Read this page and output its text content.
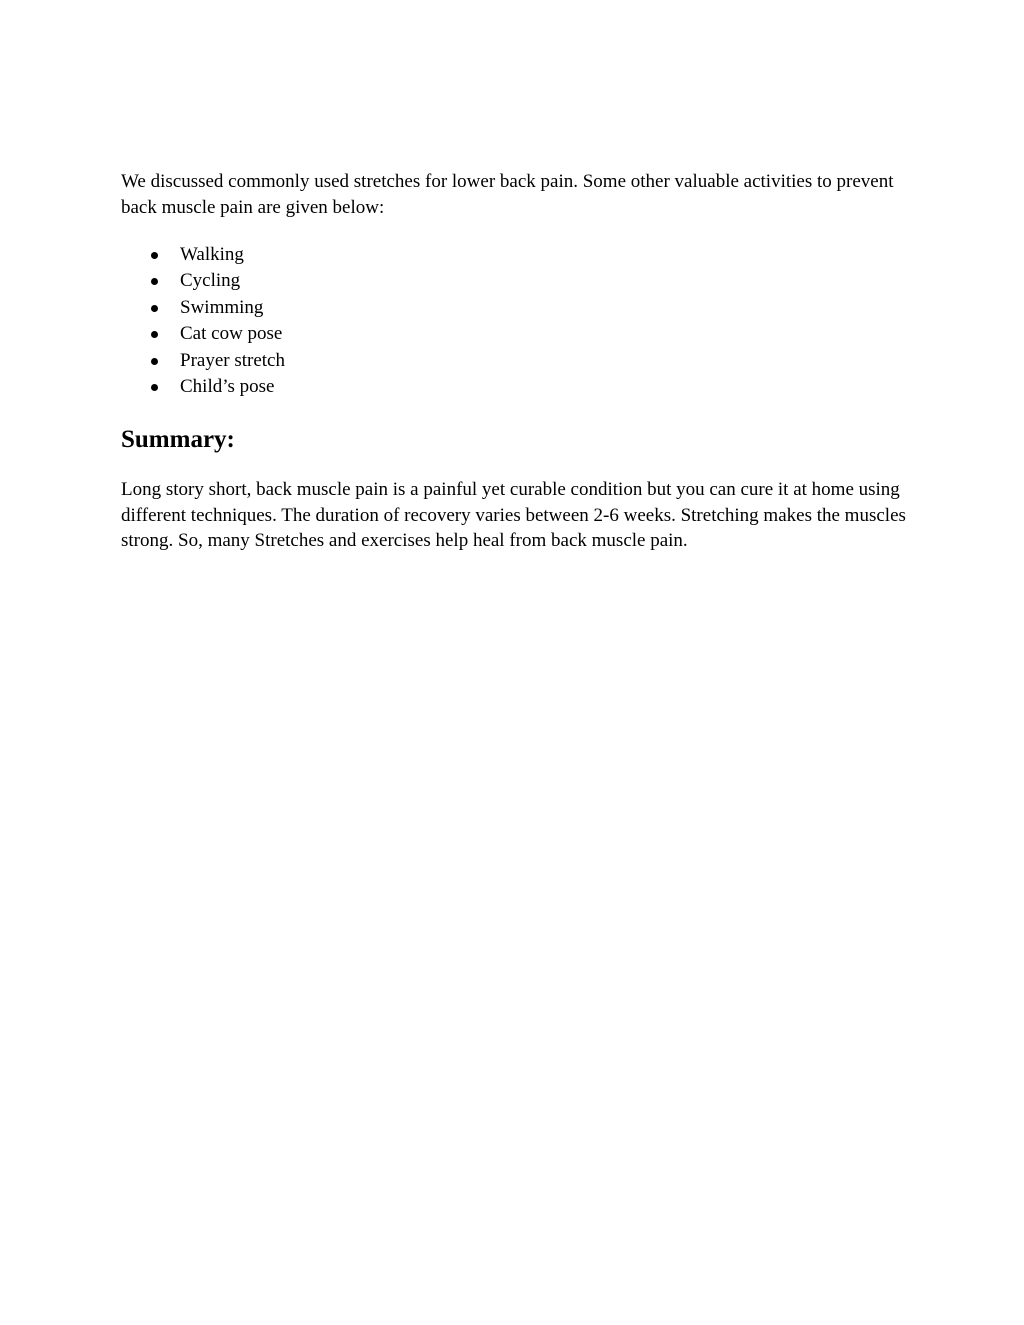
We discussed commonly used stretches for lower back pain. Some other valuable activities to prevent back muscle pain are given below:

Walking
Cycling
Swimming
Cat cow pose
Prayer stretch
Child’s pose
Summary:

Long story short, back muscle pain is a painful yet curable condition but you can cure it at home using different techniques. The duration of recovery varies between 2-6 weeks. Stretching makes the muscles strong. So, many Stretches and exercises help heal from back muscle pain.
